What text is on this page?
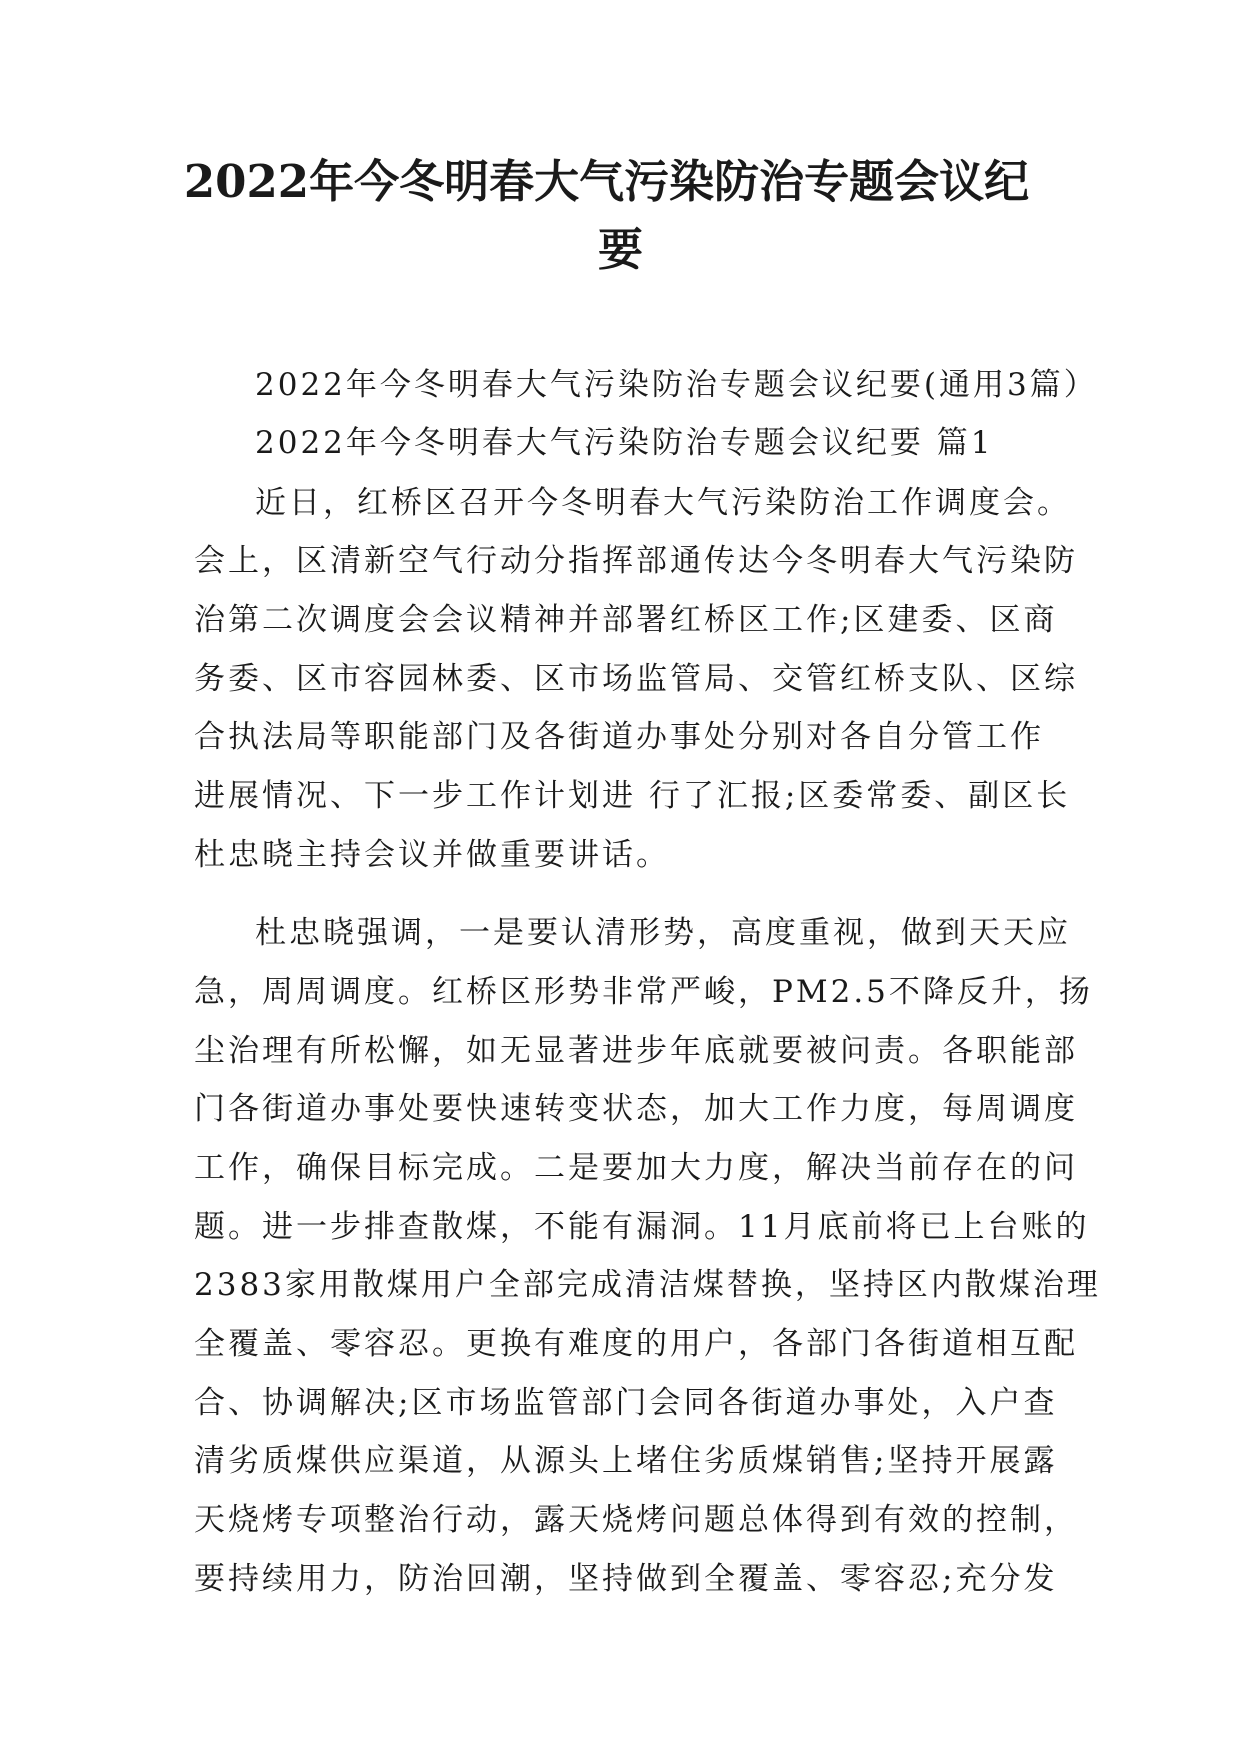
2022年今冬明春大气污染防治专题会议纪
要

2022年今冬明春大气污染防治专题会议纪要(通用3篇）

2022年今冬明春大气污染防治专题会议纪要 篇1

近日，红桥区召开今冬明春大气污染防治工作调度会。

会上，区清新空气行动分指挥部通传达今冬明春大气污染防

治第二次调度会会议精神并部署红桥区工作;区建委、区商

务委、区市容园林委、区市场监管局、交管红桥支队、区综

合执法局等职能部门及各街道办事处分别对各自分管工作

进展情况、下一步工作计划进 行了汇报;区委常委、副区长

杜忠晓主持会议并做重要讲话。

杜忠晓强调，一是要认清形势，高度重视，做到天天应

急，周周调度。红桥区形势非常严峻，PM2.5不降反升，扬

尘治理有所松懈，如无显著进步年底就要被问责。各职能部

门各街道办事处要快速转变状态，加大工作力度，每周调度

工作，确保目标完成。二是要加大力度，解决当前存在的问

题。进一步排查散煤，不能有漏洞。11月底前将已上台账的

2383家用散煤用户全部完成清洁煤替换，坚持区内散煤治理

全覆盖、零容忍。更换有难度的用户，各部门各街道相互配

合、协调解决;区市场监管部门会同各街道办事处，入户查

清劣质煤供应渠道，从源头上堵住劣质煤销售;坚持开展露

天烧烤专项整治行动，露天烧烤问题总体得到有效的控制，

要持续用力，防治回潮，坚持做到全覆盖、零容忍;充分发
